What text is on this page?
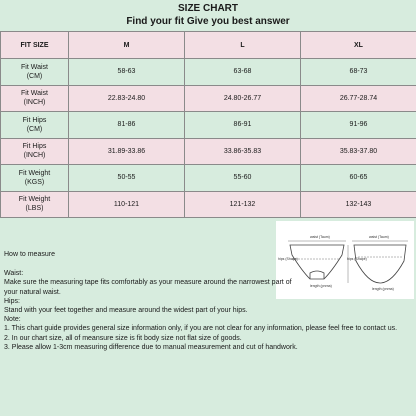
SIZE CHART
Find your fit Give you best answer
FIT SIZE	M	L	XL
Fit Waist
(CM)	58-63	63-68	68-73
Fit Waist
(INCH)	22.83-24.80	24.80-26.77	26.77-28.74
Fit Hips
(CM)	81-86	86-91	91-96
Fit Hips
(INCH)	31.89-33.86	33.86-35.83	35.83-37.80
Fit Weight
(KGS)	50-55	55-60	60-65
Fit Weight
(LBS)	110-121	121-132	132-143
waist (Taum)	waist (Taum)
hips (Shape)	hips (Shape)
length (pnrna)
length (pnrna)

How to measure

Waist:

Make sure the measuring tape fits comfortably as your measure around the narrowest part of your natural waist.

Hips:

Stand with your feet together and measure around the widest part of your hips.

Note:

1. This chart guide provides general size information only, if you are not clear for any information, please feel free to contact us.

2. In our chart size, all of meansure size is fit body size not flat size of goods.

3. Please allow 1-3cm measuring difference due to manual measurement and cut of handwork.
